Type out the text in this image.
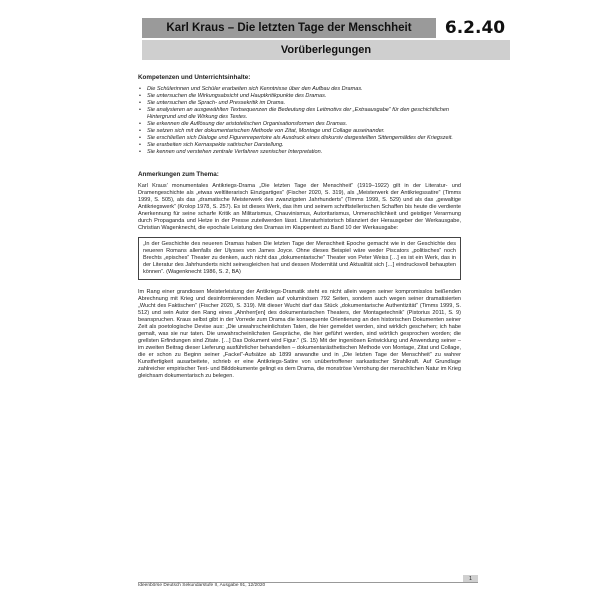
Karl Kraus – Die letzten Tage der Menschheit 6.2.40
Vorüberlegungen
Kompetenzen und Unterrichtsinhalte:
• Die Schülerinnen und Schüler erarbeiten sich Kenntnisse über den Aufbau des Dramas.
• Sie untersuchen die Wirkungsabsicht und Hauptkritikpunkte des Dramas.
• Sie untersuchen die Sprach- und Pressekritik im Drama.
• Sie analysieren an ausgewählten Textsequenzen die Bedeutung des Leitmotivs der „Extraausgabe“ für den geschichtlichen Hintergrund und die Wirkung des Textes.
• Sie erkennen die Auflösung der aristotelischen Organisationsformen des Dramas.
• Sie setzen sich mit der dokumentarischen Methode von Zitat, Montage und Collage auseinander.
• Sie erschließen sich Dialoge und Figurenrepertoire als Ausdruck eines diskursiv dargestellten Sittengemäldes der Kriegszeit.
• Sie erarbeiten sich Kernaspekte satirischer Darstellung.
• Sie kennen und verstehen zentrale Verfahren szenischer Interpretation.
Anmerkungen zum Thema:

Karl Kraus’ monumentales Antikriegs-Drama „Die letzten Tage der Menschheit“ (1919–1922) gilt in der Literatur- und Dramengeschichte als „etwas weltliterarisch Einzigartiges“ (Fischer 2020, S. 319), als „Meisterwerk der Antikriegssatire“ (Timms 1999, S. 505), als das „dramatische Meisterwerk des zwanzigsten Jahrhunderts“ (Timms 1999, S. 529) und als das „gewaltige Antikriegswerk“ (Krolop 1978, S. 257). Es ist dieses Werk, das ihm und seinem schriftstellerischen Schaffen bis heute die verdiente Anerkennung für seine scharfe Kritik an Militarismus, Chauvinismus, Autoritarismus, Unmenschlichkeit und geistiger Verarmung durch Propaganda und Hetze in der Presse zuteilwerden lässt. Literaturhistorisch bilanziert der Herausgeber der Werkausgabe, Christian Wagenknecht, die epochale Leistung des Dramas im Klappentext zu Band 10 der Werkausgabe:

„In der Geschichte des neueren Dramas haben Die letzten Tage der Menschheit Epoche gemacht wie in der Geschichte des neueren Romans allenfalls der Ulysses von James Joyce. Ohne dieses Beispiel wäre weder Piscators „politisches“ noch Brechts „episches“ Theater zu denken, auch nicht das „dokumentarische“ Theater von Peter Weiss […] es ist ein Werk, das in der Literatur des Jahrhunderts nicht seinesgleichen hat und dessen Modernität und Aktualität sich […] eindrucksvoll behaupten können“. (Wagenknecht 1986, S. 2, BA)

Im Rang einer grandiosen Meisterleistung der Antikriegs-Dramatik steht es nicht allein wegen seiner kompromisslos beißenden Abrechnung mit Krieg und desinformierenden Medien auf voluminösen 792 Seiten, sondern auch wegen seiner dramatisierten „Wucht des Faktischen“ (Fischer 2020, S. 319). Mit dieser Wucht darf das Stück „dokumentarische Authentizität“ (Timms 1999, S. 512) und sein Autor den Rang eines „Ahnherr[en] des dokumentarischen Theaters, der Montagetechnik“ (Pistorius 2011, S. 9) beanspruchen. Kraus selbst gibt in der Vorrede zum Drama die konsequente Orientierung an den historischen Dokumenten seiner Zeit als poetologische Devise aus: „Die unwahrscheinlichsten Taten, die hier gemeldet werden, sind wirklich geschehen; ich habe gemalt, was sie nur taten. Die unwahrscheinlichsten Gespräche, die hier geführt werden, sind wörtlich gesprochen worden; die grellsten Erfindungen sind Zitate. […] Das Dokument wird Figur.“ (S. 15) Mit der ingeniösen Entwicklung und Anwendung seiner – im zweiten Beitrag dieser Lieferung ausführlicher behandelten – dokumentarästhetischen Methode von Montage, Zitat und Collage, die er schon zu Beginn seiner „Fackel“-Aufsätze ab 1899 anwandte und in „Die letzten Tage der Menschheit“ zu wahrer Kunstfertigkeit ausarbeitete, schrieb er eine Antikriegs-Satire von unübertroffener sarkastischer Strahlkraft. Auf Grundlage zahlreicher empirischer Text- und Bilddokumente gelingt es dem Drama, die monströse Verrohung der menschlichen Natur im Krieg gleichsam dokumentarisch zu belegen.

Ideenbörse Deutsch Sekundarstufe II, Ausgabe 91, 12/2020
1
